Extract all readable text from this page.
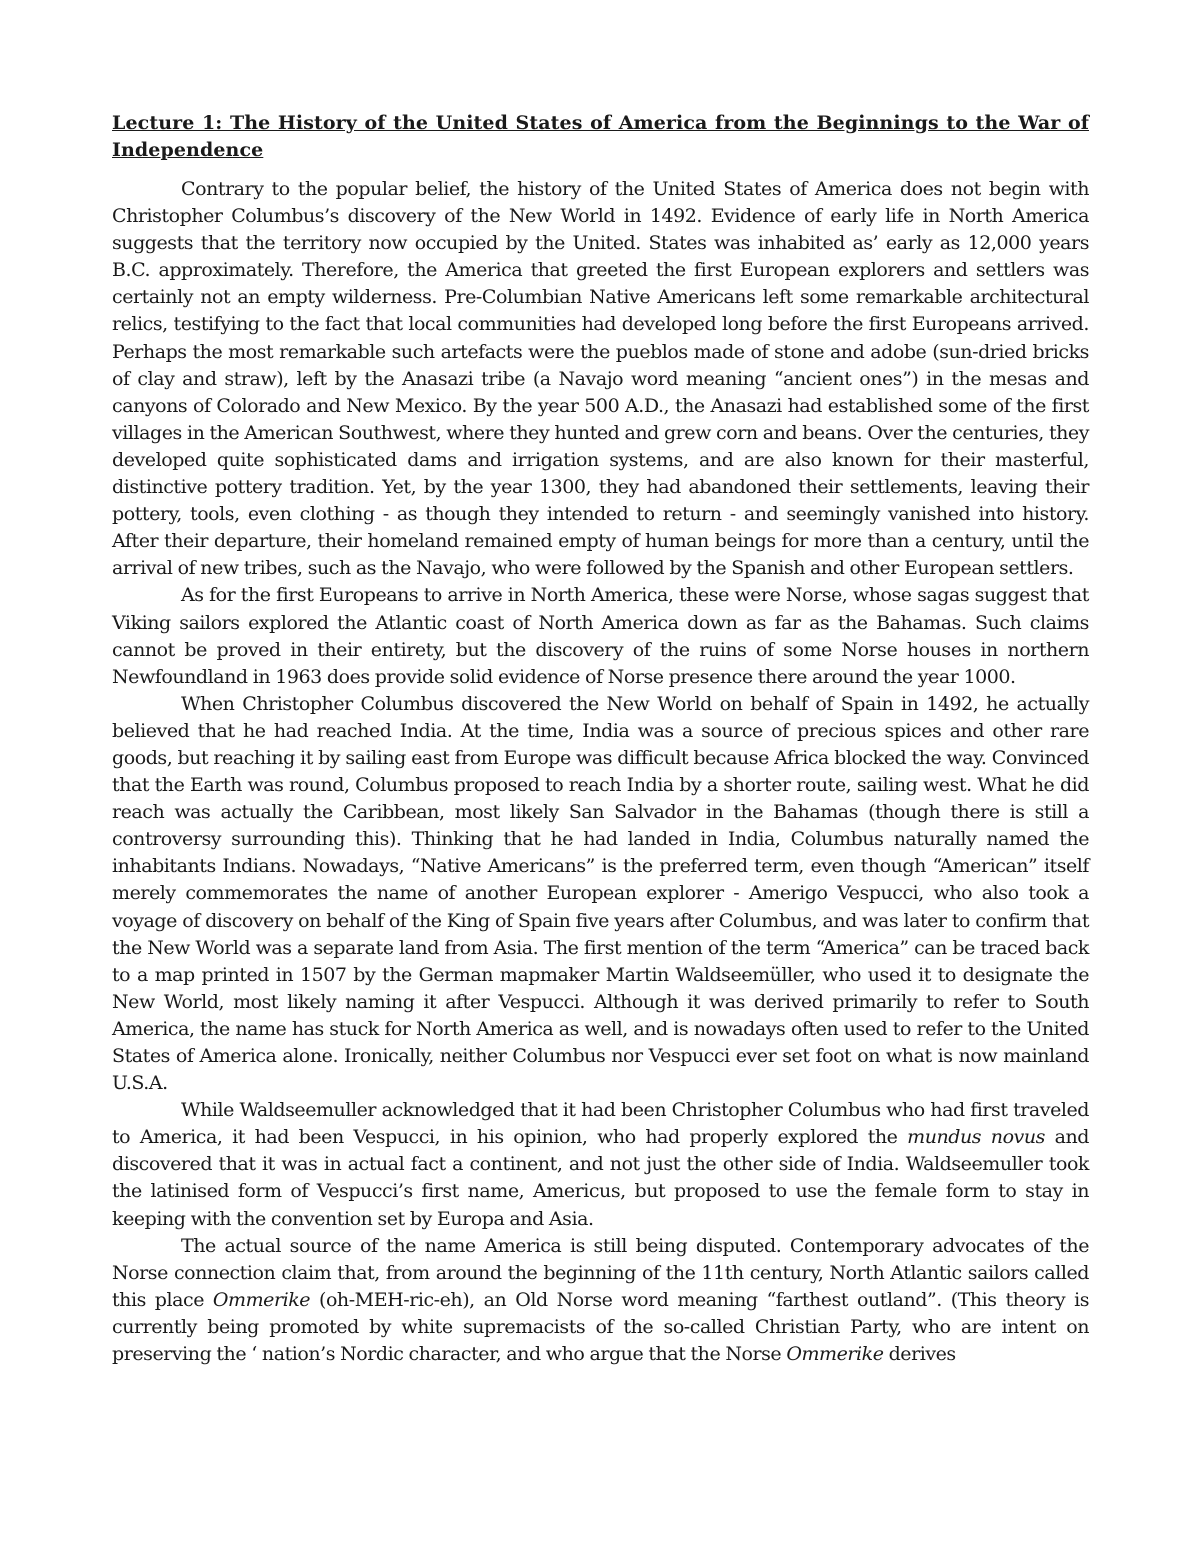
Lecture 1: The History of the United States of America from the Beginnings to the War of Independence

Contrary to the popular belief, the history of the United States of America does not begin with Christopher Columbus’s discovery of the New World in 1492. Evidence of early life in North America suggests that the territory now occupied by the United. States was inhabited as’ early as 12,000 years B.C. approximately. Therefore, the America that greeted the first European explorers and settlers was certainly not an empty wilderness. Pre-Columbian Native Americans left some remarkable architectural relics, testifying to the fact that local communities had developed long before the first Europeans arrived. Perhaps the most remarkable such artefacts were the pueblos made of stone and adobe (sun-dried bricks of clay and straw), left by the Anasazi tribe (a Navajo word meaning “ancient ones”) in the mesas and canyons of Colorado and New Mexico. By the year 500 A.D., the Anasazi had established some of the first villages in the American Southwest, where they hunted and grew corn and beans. Over the centuries, they developed quite sophisticated dams and irrigation systems, and are also known for their masterful, distinctive pottery tradition. Yet, by the year 1300, they had abandoned their settlements, leaving their pottery, tools, even clothing - as though they intended to return - and seemingly vanished into history. After their departure, their homeland remained empty of human beings for more than a century, until the arrival of new tribes, such as the Navajo, who were followed by the Spanish and other European settlers.

As for the first Europeans to arrive in North America, these were Norse, whose sagas suggest that Viking sailors explored the Atlantic coast of North America down as far as the Bahamas. Such claims cannot be proved in their entirety, but the discovery of the ruins of some Norse houses in northern Newfoundland in 1963 does provide solid evidence of Norse presence there around the year 1000.

When Christopher Columbus discovered the New World on behalf of Spain in 1492, he actually believed that he had reached India. At the time, India was a source of precious spices and other rare goods, but reaching it by sailing east from Europe was difficult because Africa blocked the way. Convinced that the Earth was round, Columbus proposed to reach India by a shorter route, sailing west. What he did reach was actually the Caribbean, most likely San Salvador in the Bahamas (though there is still a controversy surrounding this). Thinking that he had landed in India, Columbus naturally named the inhabitants Indians. Nowadays, “Native Americans” is the preferred term, even though “American” itself merely commemorates the name of another European explorer - Amerigo Vespucci, who also took a voyage of discovery on behalf of the King of Spain five years after Columbus, and was later to confirm that the New World was a separate land from Asia. The first mention of the term “America” can be traced back to a map printed in 1507 by the German mapmaker Martin Waldseemüller, who used it to designate the New World, most likely naming it after Vespucci. Although it was derived primarily to refer to South America, the name has stuck for North America as well, and is nowadays often used to refer to the United States of America alone. Ironically, neither Columbus nor Vespucci ever set foot on what is now mainland U.S.A.

While Waldseemuller acknowledged that it had been Christopher Columbus who had first traveled to America, it had been Vespucci, in his opinion, who had properly explored the mundus novus and discovered that it was in actual fact a continent, and not just the other side of India. Waldseemuller took the latinised form of Vespucci’s first name, Americus, but proposed to use the female form to stay in keeping with the convention set by Europa and Asia.

The actual source of the name America is still being disputed. Contemporary advocates of the Norse connection claim that, from around the beginning of the 11th century, North Atlantic sailors called this place Ommerike (oh-MEH-ric-eh), an Old Norse word meaning “farthest outland”. (This theory is currently being promoted by white supremacists of the so-called Christian Party, who are intent on preserving the ‘ nation’s Nordic character, and who argue that the Norse Ommerike derives
